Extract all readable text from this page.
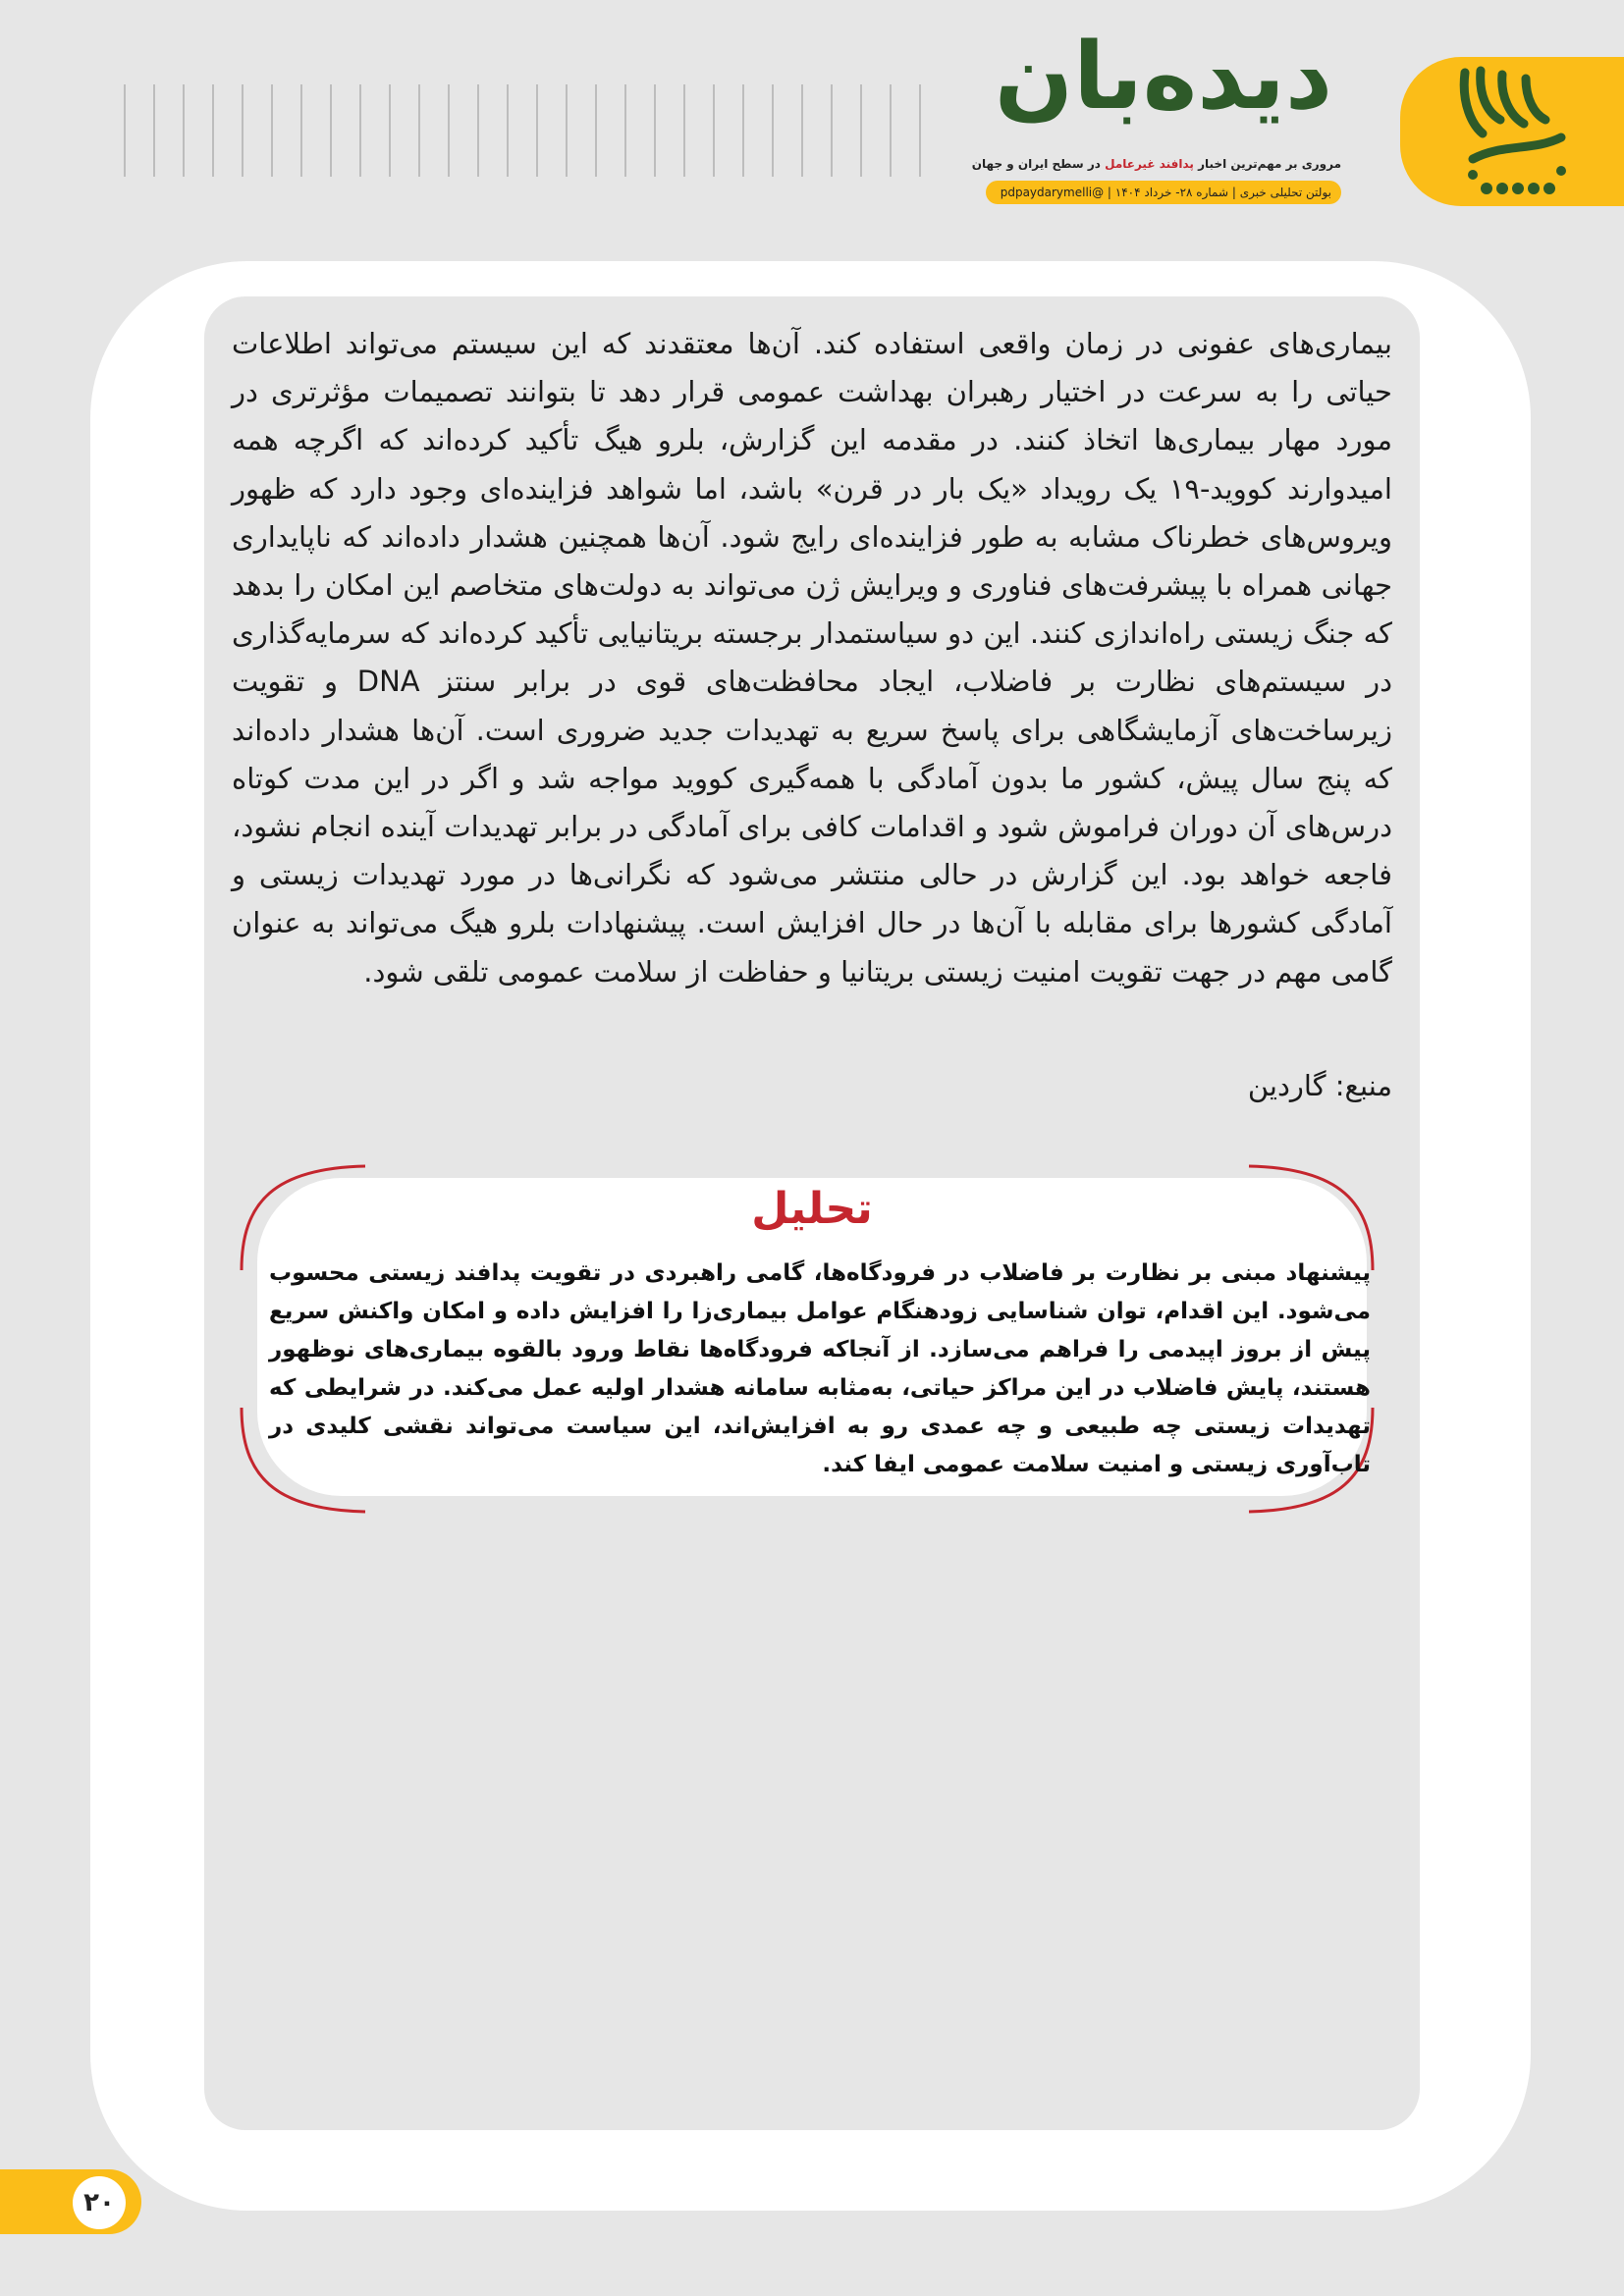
دیده‌بان
مروری بر مهم‌ترین اخبار پدافند غیرعامل در سطح ایران و جهان
بولتن تحلیلی خبری | شماره ۲۸- خرداد ۱۴۰۴ | @pdpaydarymelli
بیماری‌های عفونی در زمان واقعی استفاده کند. آن‌ها معتقدند که این سیستم می‌تواند اطلاعات حیاتی را به سرعت در اختیار رهبران بهداشت عمومی قرار دهد تا بتوانند تصمیمات مؤثرتری در مورد مهار بیماری‌ها اتخاذ کنند. در مقدمه این گزارش، بلرو هیگ تأکید کرده‌اند که اگرچه همه امیدوارند کووید-۱۹ یک رویداد «یک بار در قرن» باشد، اما شواهد فزاینده‌ای وجود دارد که ظهور ویروس‌های خطرناک مشابه به طور فزاینده‌ای رایج شود. آن‌ها همچنین هشدار داده‌اند که ناپایداری جهانی همراه با پیشرفت‌های فناوری و ویرایش ژن می‌تواند به دولت‌های متخاصم این امکان را بدهد که جنگ زیستی راه‌اندازی کنند. این دو سیاستمدار برجسته بریتانیایی تأکید کرده‌اند که سرمایه‌گذاری در سیستم‌های نظارت بر فاضلاب، ایجاد محافظت‌های قوی در برابر سنتز DNA و تقویت زیرساخت‌های آزمایشگاهی برای پاسخ سریع به تهدیدات جدید ضروری است. آن‌ها هشدار داده‌اند که پنج سال پیش، کشور ما بدون آمادگی با همه‌گیری کووید مواجه شد و اگر در این مدت کوتاه درس‌های آن دوران فراموش شود و اقدامات کافی برای آمادگی در برابر تهدیدات آینده انجام نشود، فاجعه خواهد بود. این گزارش در حالی منتشر می‌شود که نگرانی‌ها در مورد تهدیدات زیستی و آمادگی کشورها برای مقابله با آن‌ها در حال افزایش است. پیشنهادات بلرو هیگ می‌تواند به عنوان گامی مهم در جهت تقویت امنیت زیستی بریتانیا و حفاظت از سلامت عمومی تلقی شود.
منبع: گاردین
تحلیل
پیشنهاد مبنی بر نظارت بر فاضلاب در فرودگاه‌ها، گامی راهبردی در تقویت پدافند زیستی محسوب می‌شود. این اقدام، توان شناسایی زودهنگام عوامل بیماری‌زا را افزایش داده و امکان واکنش سریع پیش از بروز اپیدمی را فراهم می‌سازد. از آنجاکه فرودگاه‌ها نقاط ورود بالقوه بیماری‌های نوظهور هستند، پایش فاضلاب در این مراکز حیاتی، به‌مثابه سامانه هشدار اولیه عمل می‌کند. در شرایطی که تهدیدات زیستی چه طبیعی و چه عمدی رو به افزایش‌اند، این سیاست می‌تواند نقشی کلیدی در تاب‌آوری زیستی و امنیت سلامت عمومی ایفا کند.
۲۰
